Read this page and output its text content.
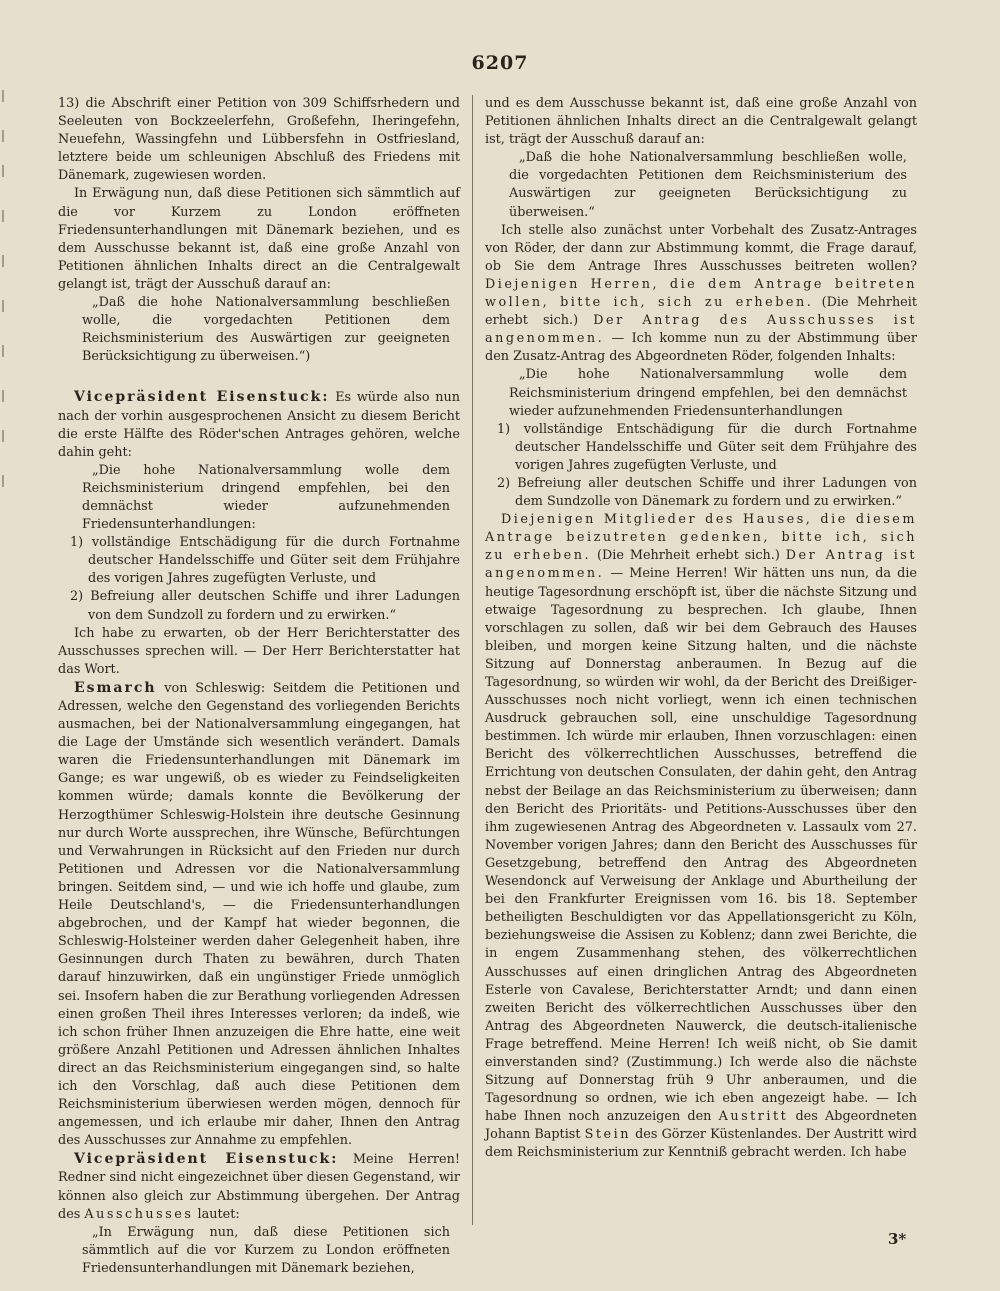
6207

13) die Abschrift einer Petition von 309 Schiffsrhedern und Seeleuten von Bockzeelerfehn, Großefehn, Iheringefehn, Neuefehn, Wassingfehn und Lübbersfehn in Ostfriesland, letztere beide um schleunigen Abschluß des Friedens mit Dänemark, zugewiesen worden.

In Erwägung nun, daß diese Petitionen sich sämmtlich auf die vor Kurzem zu London eröffneten Friedensunterhandlungen mit Dänemark beziehen, und es dem Ausschusse bekannt ist, daß eine große Anzahl von Petitionen ähnlichen Inhalts direct an die Centralgewalt gelangt ist, trägt der Ausschuß darauf an:

„Daß die hohe Nationalversammlung beschließen wolle, die vorgedachten Petitionen dem Reichsministerium des Auswärtigen zur geeigneten Berücksichtigung zu überweisen.“)

Vicepräsident Eisenstuck: Es würde also nun nach der vorhin ausgesprochenen Ansicht zu diesem Bericht die erste Hälfte des Röder'schen Antrages gehören, welche dahin geht:

„Die hohe Nationalversammlung wolle dem Reichsministerium dringend empfehlen, bei den demnächst wieder aufzunehmenden Friedensunterhandlungen:

1) vollständige Entschädigung für die durch Fortnahme deutscher Handelsschiffe und Güter seit dem Frühjahre des vorigen Jahres zugefügten Verluste, und

2) Befreiung aller deutschen Schiffe und ihrer Ladungen von dem Sundzoll zu fordern und zu erwirken.“

Ich habe zu erwarten, ob der Herr Berichterstatter des Ausschusses sprechen will. — Der Herr Berichterstatter hat das Wort.

Esmarch von Schleswig: Seitdem die Petitionen und Adressen, welche den Gegenstand des vorliegenden Berichts ausmachen, bei der Nationalversammlung eingegangen, hat die Lage der Umstände sich wesentlich verändert. Damals waren die Friedensunterhandlungen mit Dänemark im Gange; es war ungewiß, ob es wieder zu Feindseligkeiten kommen würde; damals konnte die Bevölkerung der Herzogthümer Schleswig-Holstein ihre deutsche Gesinnung nur durch Worte aussprechen, ihre Wünsche, Befürchtungen und Verwahrungen in Rücksicht auf den Frieden nur durch Petitionen und Adressen vor die Nationalversammlung bringen. Seitdem sind, — und wie ich hoffe und glaube, zum Heile Deutschland's, — die Friedensunterhandlungen abgebrochen, und der Kampf hat wieder begonnen, die Schleswig-Holsteiner werden daher Gelegenheit haben, ihre Gesinnungen durch Thaten zu bewähren, durch Thaten darauf hinzuwirken, daß ein ungünstiger Friede unmöglich sei. Insofern haben die zur Berathung vorliegenden Adressen einen großen Theil ihres Interesses verloren; da indeß, wie ich schon früher Ihnen anzuzeigen die Ehre hatte, eine weit größere Anzahl Petitionen und Adressen ähnlichen Inhaltes direct an das Reichsministerium eingegangen sind, so halte ich den Vorschlag, daß auch diese Petitionen dem Reichsministerium überwiesen werden mögen, dennoch für angemessen, und ich erlaube mir daher, Ihnen den Antrag des Ausschusses zur Annahme zu empfehlen.

Vicepräsident Eisenstuck: Meine Herren! Redner sind nicht eingezeichnet über diesen Gegenstand, wir können also gleich zur Abstimmung übergehen. Der Antrag des Ausschusses lautet:

„In Erwägung nun, daß diese Petitionen sich sämmtlich auf die vor Kurzem zu London eröffneten Friedensunterhandlungen mit Dänemark beziehen,

und es dem Ausschusse bekannt ist, daß eine große Anzahl von Petitionen ähnlichen Inhalts direct an die Centralgewalt gelangt ist, trägt der Ausschuß darauf an:

„Daß die hohe Nationalversammlung beschließen wolle, die vorgedachten Petitionen dem Reichsministerium des Auswärtigen zur geeigneten Berücksichtigung zu überweisen.“

Ich stelle also zunächst unter Vorbehalt des Zusatz-Antrages von Röder, der dann zur Abstimmung kommt, die Frage darauf, ob Sie dem Antrage Ihres Ausschusses beitreten wollen? Diejenigen Herren, die dem Antrage beitreten wollen, bitte ich, sich zu erheben. (Die Mehrheit erhebt sich.) Der Antrag des Ausschusses ist angenommen. — Ich komme nun zu der Abstimmung über den Zusatz-Antrag des Abgeordneten Röder, folgenden Inhalts:

„Die hohe Nationalversammlung wolle dem Reichsministerium dringend empfehlen, bei den demnächst wieder aufzunehmenden Friedensunterhandlungen

1) vollständige Entschädigung für die durch Fortnahme deutscher Handelsschiffe und Güter seit dem Frühjahre des vorigen Jahres zugefügten Verluste, und

2) Befreiung aller deutschen Schiffe und ihrer Ladungen von dem Sundzolle von Dänemark zu fordern und zu erwirken.“

Diejenigen Mitglieder des Hauses, die diesem Antrage beizutreten gedenken, bitte ich, sich zu erheben. (Die Mehrheit erhebt sich.) Der Antrag ist angenommen. — Meine Herren! Wir hätten uns nun, da die heutige Tagesordnung erschöpft ist, über die nächste Sitzung und etwaige Tagesordnung zu besprechen. Ich glaube, Ihnen vorschlagen zu sollen, daß wir bei dem Gebrauch des Hauses bleiben, und morgen keine Sitzung halten, und die nächste Sitzung auf Donnerstag anberaumen. In Bezug auf die Tagesordnung, so würden wir wohl, da der Bericht des Dreißiger-Ausschusses noch nicht vorliegt, wenn ich einen technischen Ausdruck gebrauchen soll, eine unschuldige Tagesordnung bestimmen. Ich würde mir erlauben, Ihnen vorzuschlagen: einen Bericht des völkerrechtlichen Ausschusses, betreffend die Errichtung von deutschen Consulaten, der dahin geht, den Antrag nebst der Beilage an das Reichsministerium zu überweisen; dann den Bericht des Prioritäts- und Petitions-Ausschusses über den ihm zugewiesenen Antrag des Abgeordneten v. Lassaulx vom 27. November vorigen Jahres; dann den Bericht des Ausschusses für Gesetzgebung, betreffend den Antrag des Abgeordneten Wesendonck auf Verweisung der Anklage und Aburtheilung der bei den Frankfurter Ereignissen vom 16. bis 18. September betheiligten Beschuldigten vor das Appellationsgericht zu Köln, beziehungsweise die Assisen zu Koblenz; dann zwei Berichte, die in engem Zusammenhang stehen, des völkerrechtlichen Ausschusses auf einen dringlichen Antrag des Abgeordneten Esterle von Cavalese, Berichterstatter Arndt; und dann einen zweiten Bericht des völkerrechtlichen Ausschusses über den Antrag des Abgeordneten Nauwerck, die deutsch-italienische Frage betreffend. Meine Herren! Ich weiß nicht, ob Sie damit einverstanden sind? (Zustimmung.) Ich werde also die nächste Sitzung auf Donnerstag früh 9 Uhr anberaumen, und die Tagesordnung so ordnen, wie ich eben angezeigt habe. — Ich habe Ihnen noch anzuzeigen den Austritt des Abgeordneten Johann Baptist Stein des Görzer Küstenlandes. Der Austritt wird dem Reichsministerium zur Kenntniß gebracht werden. Ich habe

3*
